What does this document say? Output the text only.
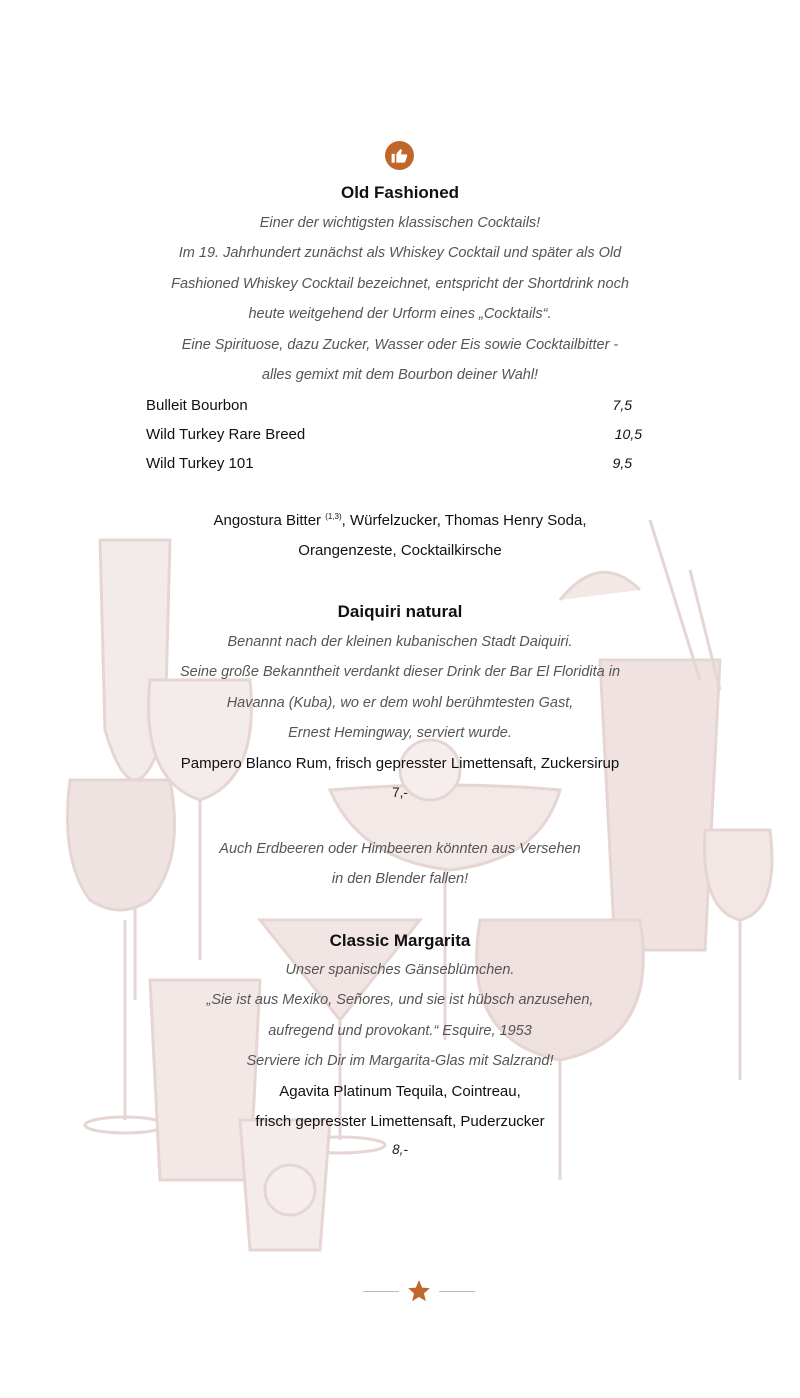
Old Fashioned
Einer der wichtigsten klassischen Cocktails!
Im 19. Jahrhundert zunächst als Whiskey Cocktail und später als Old
Fashioned Whiskey Cocktail bezeichnet, entspricht der Shortdrink noch
heute weitgehend der Urform eines „Cocktails“.
Eine Spirituose, dazu Zucker, Wasser oder Eis sowie Cocktailbitter -
alles gemixt mit dem Bourbon deiner Wahl!
Bulleit Bourbon	7,5
Wild Turkey Rare Breed	10,5
Wild Turkey 101	9,5
Angostura Bitter $^{(1,3)}$, Würfelzucker, Thomas Henry Soda,
Orangenzeste, Cocktailkirsche
Daiquiri natural
Benannt nach der kleinen kubanischen Stadt Daiquiri.
Seine große Bekanntheit verdankt dieser Drink der Bar El Floridita in
Havanna (Kuba), wo er dem wohl berühmtesten Gast,
Ernest Hemingway, serviert wurde.
Pampero Blanco Rum, frisch gepresster Limettensaft, Zuckersirup
7,-
Auch Erdbeeren oder Himbeeren könnten aus Versehen
in den Blender fallen!
Classic Margarita
Unser spanisches Gänseblümchen.
„Sie ist aus Mexiko, Señores, und sie ist hübsch anzusehen,
aufregend und provokant.“ Esquire, 1953
Serviere ich Dir im Margarita-Glas mit Salzrand!
Agavita Platinum Tequila, Cointreau,
frisch gepresster Limettensaft, Puderzucker
8,-
